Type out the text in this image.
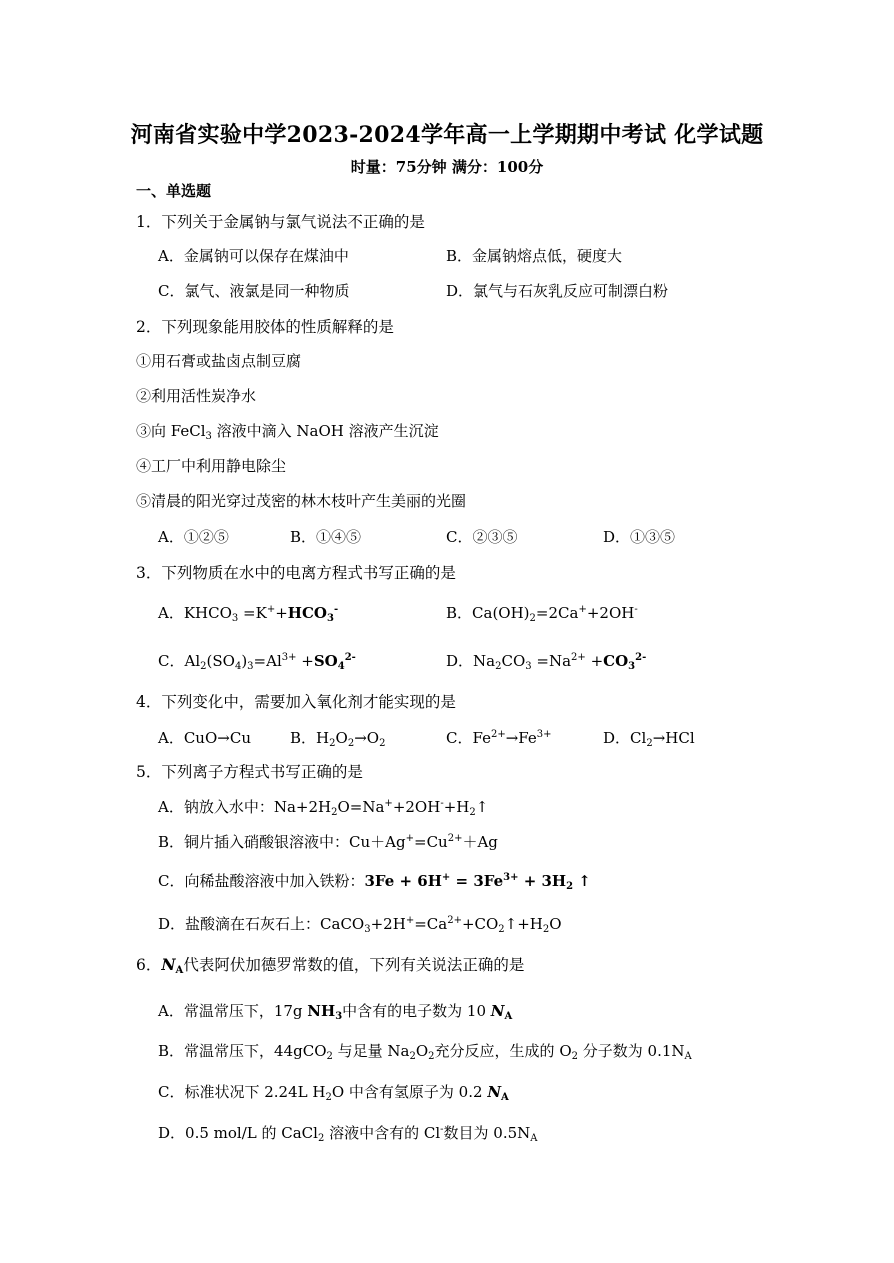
河南省实验中学2023-2024学年高一上学期期中考试 化学试题
时量：75分钟 满分：100分
一、单选题
1．下列关于金属钠与氯气说法不正确的是
A．金属钠可以保存在煤油中	B．金属钠熔点低，硬度大
C．氯气、液氯是同一种物质	D．氯气与石灰乳反应可制漂白粉
2．下列现象能用胶体的性质解释的是
①用石膏或盐卤点制豆腐
②利用活性炭净水
③向 FeCl$_3$ 溶液中滴入 NaOH 溶液产生沉淀
④工厂中利用静电除尘
⑤清晨的阳光穿过茂密的林木枝叶产生美丽的光圈
A．①②⑤	B．①④⑤	C．②③⑤	D．①③⑤
3．下列物质在水中的电离方程式书写正确的是
A．$KHCO_3 =K^++HCO_3^-$	B．$Ca(OH)_2=2Ca^++2OH^-$
C．$Al_2(SO_4)_3=Al^{3+} +SO_4^{2-}$	D．$Na_2CO_3 =Na^{2+} +CO_3^{2-}$
4．下列变化中，需要加入氧化剂才能实现的是
A．CuO→Cu	B．$H_2O_2\to O_2$	C．$Fe^{2+}\to Fe^{3+}$	D．$Cl_2\to HCl$
5．下列离子方程式书写正确的是
A．钠放入水中：$Na+2H_2O=Na^++2OH^-+H_2↑$
B．铜片插入硝酸银溶液中：$Cu+Ag^+=Cu^{2+}+Ag$
C．向稀盐酸溶液中加入铁粉：$3Fe + 6H^+ = 3Fe^{3+} + 3H_2$ ↑
D．盐酸滴在石灰石上：$CaCO_3+2H^+=Ca^{2+}+CO_2↑+H_2O$
6．$N_A$代表阿伏加德罗常数的值，下列有关说法正确的是
A．常温常压下，17g $NH_3$中含有的电子数为 10 $N_A$
B．常温常压下，44gCO$_2$ 与足量 $Na_2O_2$充分反应，生成的 $O_2$ 分子数为 $0.1N_A$
C．标准状况下 2.24L $H_2O$ 中含有氢原子为 0.2 $N_A$
D．0.5 mol/L 的 CaCl$_2$ 溶液中含有的 Cl-数目为 $0.5N_A$
